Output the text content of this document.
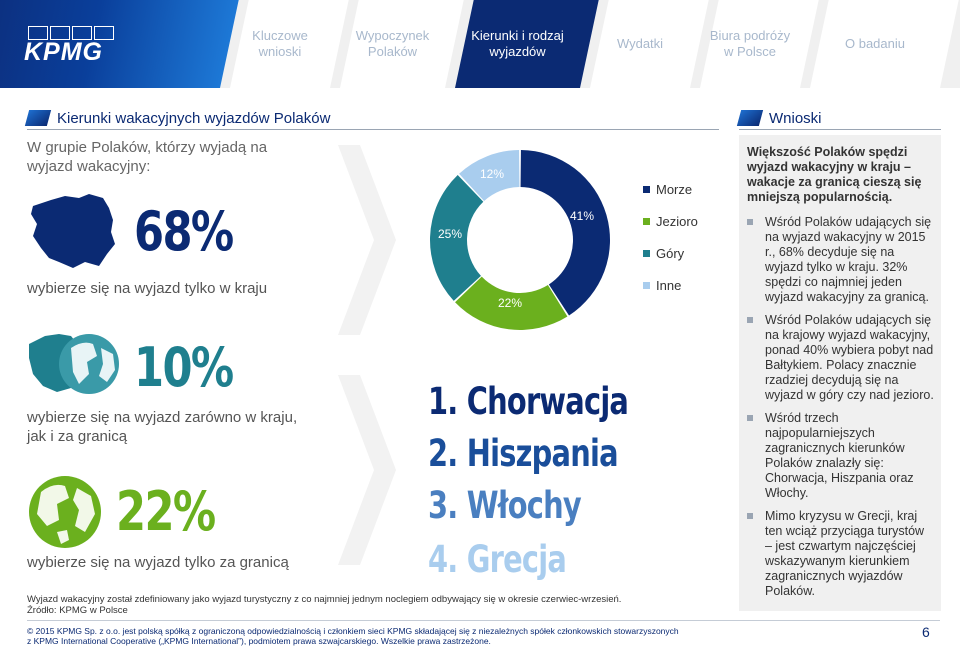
KPMG
Kluczowe
wnioski
Wypoczynek
Polaków
Kierunki i rodzaj
wyjazdów
Wydatki
Biura podróży
w Polsce
O badaniu
Kierunki wakacyjnych wyjazdów Polaków
W grupie Polaków, którzy wyjadą na wyjazd wakacyjny:
68%
wybierze się na wyjazd tylko w kraju
10%
wybierze się na wyjazd zarówno w kraju, jak i za granicą
22%
wybierze się na wyjazd tylko za granicą
41%
22%
25%
12%
Morze
Jezioro
Góry
Inne
1. Chorwacja
2. Hiszpania
3. Włochy
4. Grecja
Wnioski
Większość Polaków spędzi wyjazd wakacyjny w kraju – wakacje za granicą cieszą się mniejszą popularnością.
Wśród Polaków udających się na wyjazd wakacyjny w 2015 r., 68% decyduje się na wyjazd tylko w kraju. 32% spędzi co najmniej jeden wyjazd wakacyjny za granicą.
Wśród Polaków udających się na krajowy wyjazd wakacyjny, ponad 40% wybiera pobyt nad Bałtykiem. Polacy znacznie rzadziej decydują się na wyjazd w góry czy nad jezioro.
Wśród trzech najpopularniejszych zagranicznych kierunków Polaków znalazły się: Chorwacja, Hiszpania oraz Włochy.
Mimo kryzysu w Grecji, kraj ten wciąż przyciąga turystów – jest czwartym najczęściej wskazywanym kierunkiem zagranicznych wyjazdów Polaków.
Wyjazd wakacyjny został zdefiniowany jako wyjazd turystyczny z co najmniej jednym noclegiem odbywający się w okresie czerwiec-wrzesień.
Źródło: KPMG w Polsce
© 2015 KPMG Sp. z o.o. jest polską spółką z ograniczoną odpowiedzialnością i członkiem sieci KPMG składającej się z niezależnych spółek członkowskich stowarzyszonych
z KPMG International Cooperative („KPMG International”), podmiotem prawa szwajcarskiego. Wszelkie prawa zastrzeżone.
6
